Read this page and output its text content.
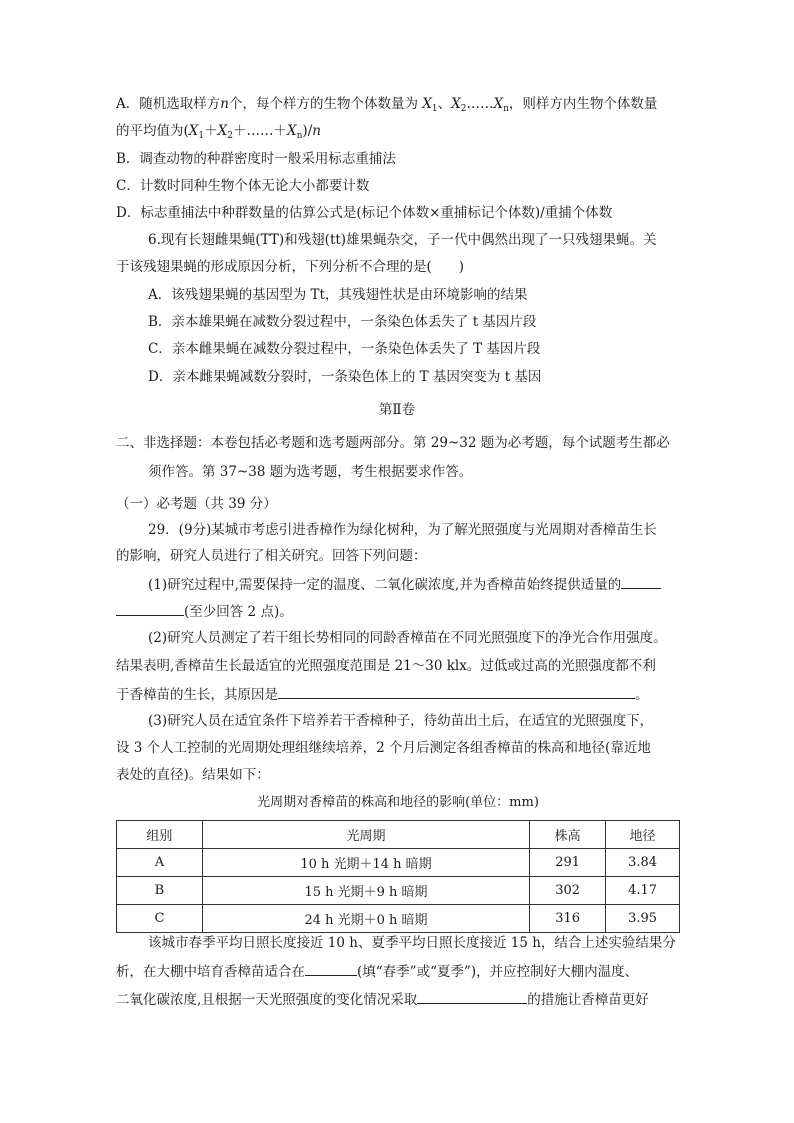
A．随机选取样方n个，每个样方的生物个体数量为 $X_1$、$X_2\dots\dots X_n$，则样方内生物个体数量
的平均值为$(X_1+X_2+\dots\dots+X_n)/n$
B．调查动物的种群密度时一般采用标志重捕法
C．计数时同种生物个体无论大小都要计数
D．标志重捕法中种群数量的估算公式是(标记个体数×重捕标记个体数)/重捕个体数
6.现有长翅雌果蝇(TT)和残翅(tt)雄果蝇杂交，子一代中偶然出现了一只残翅果蝇。关
于该残翅果蝇的形成原因分析，下列分析不合理的是(　　)
A．该残翅果蝇的基因型为 Tt，其残翅性状是由环境影响的结果
B．亲本雄果蝇在减数分裂过程中，一条染色体丢失了 t 基因片段
C．亲本雌果蝇在减数分裂过程中，一条染色体丢失了 T 基因片段
D．亲本雌果蝇减数分裂时，一条染色体上的 T 基因突变为 t 基因
第Ⅱ卷
二、非选择题：本卷包括必考题和选考题两部分。第 29~32 题为必考题，每个试题考生都必
须作答。第 37~38 题为选考题，考生根据要求作答。
（一）必考题（共 39 分）
29．(9分)某城市考虑引进香樟作为绿化树种，为了解光照强度与光周期对香樟苗生长
的影响，研究人员进行了相关研究。回答下列问题：
(1)研究过程中,需要保持一定的温度、二氧化碳浓度,并为香樟苗始终提供适量的
(至少回答 2 点)。
(2)研究人员测定了若干组长势相同的同龄香樟苗在不同光照强度下的净光合作用强度。
结果表明,香樟苗生长最适宜的光照强度范围是 21～30 klx。过低或过高的光照强度都不利
于香樟苗的生长，其原因是	。
(3)研究人员在适宜条件下培养若干香樟种子，待幼苗出土后，在适宜的光照强度下，
设 3 个人工控制的光周期处理组继续培养，2 个月后测定各组香樟苗的株高和地径(靠近地
表处的直径)。结果如下：
光周期对香樟苗的株高和地径的影响(单位：mm)
组别	光周期	株高	地径
A	10 h 光期＋14 h 暗期	291	3.84
B	15 h 光期＋9 h 暗期	302	4.17
C	24 h 光期＋0 h 暗期	316	3.95
该城市春季平均日照长度接近 10 h、夏季平均日照长度接近 15 h，结合上述实验结果分
析，在大棚中培育香樟苗适合在	(填“春季”或“夏季”)，并应控制好大棚内温度、
二氧化碳浓度,且根据一天光照强度的变化情况采取	的措施让香樟苗更好
